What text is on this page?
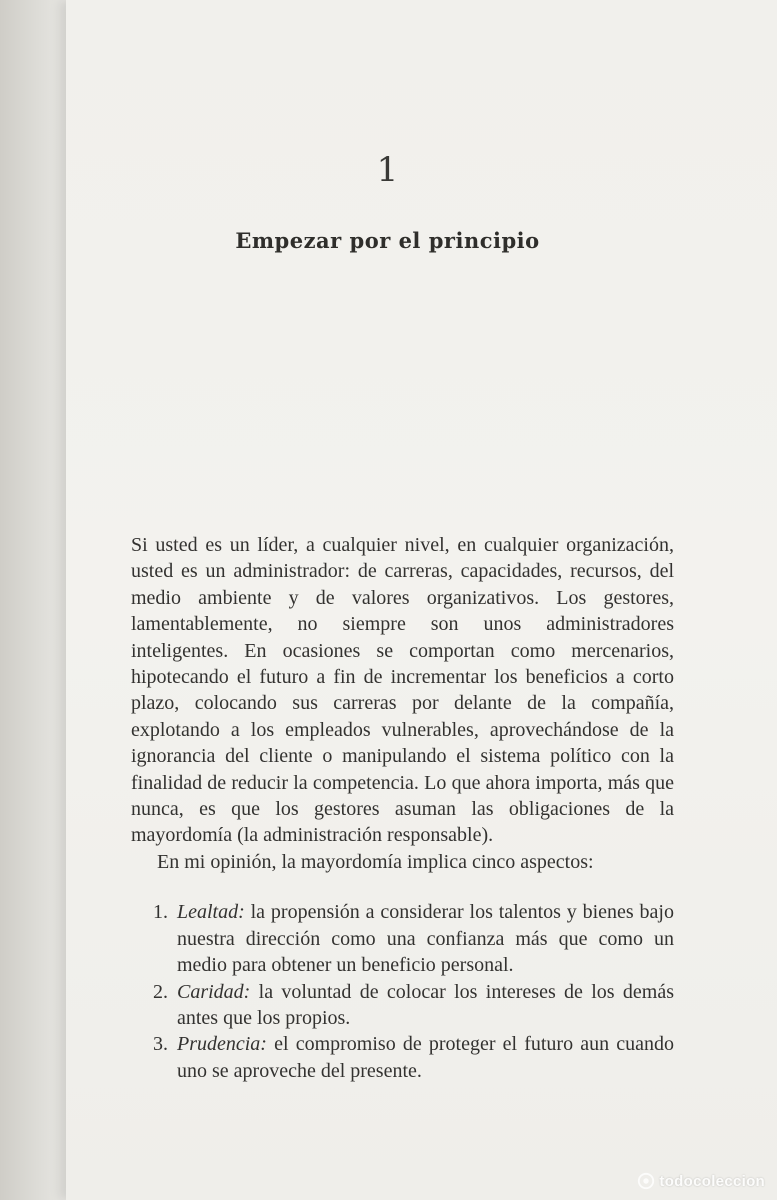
1
Empezar por el principio

Si usted es un líder, a cualquier nivel, en cualquier organización, usted es un administrador: de carreras, capacidades, recursos, del medio ambiente y de valores organizativos. Los gestores, lamentablemente, no siempre son unos administradores inteligentes. En ocasiones se comportan como mercenarios, hipotecando el futuro a fin de incrementar los beneficios a corto plazo, colocando sus carreras por delante de la compañía, explotando a los empleados vulnerables, aprovechándose de la ignorancia del cliente o manipulando el sistema político con la finalidad de reducir la competencia. Lo que ahora importa, más que nunca, es que los gestores asuman las obligaciones de la mayordomía (la administración responsable).

En mi opinión, la mayordomía implica cinco aspectos:

1. Lealtad: la propensión a considerar los talentos y bienes bajo nuestra dirección como una confianza más que como un medio para obtener un beneficio personal.
2. Caridad: la voluntad de colocar los intereses de los demás antes que los propios.
3. Prudencia: el compromiso de proteger el futuro aun cuando uno se aproveche del presente.
todocoleccion
